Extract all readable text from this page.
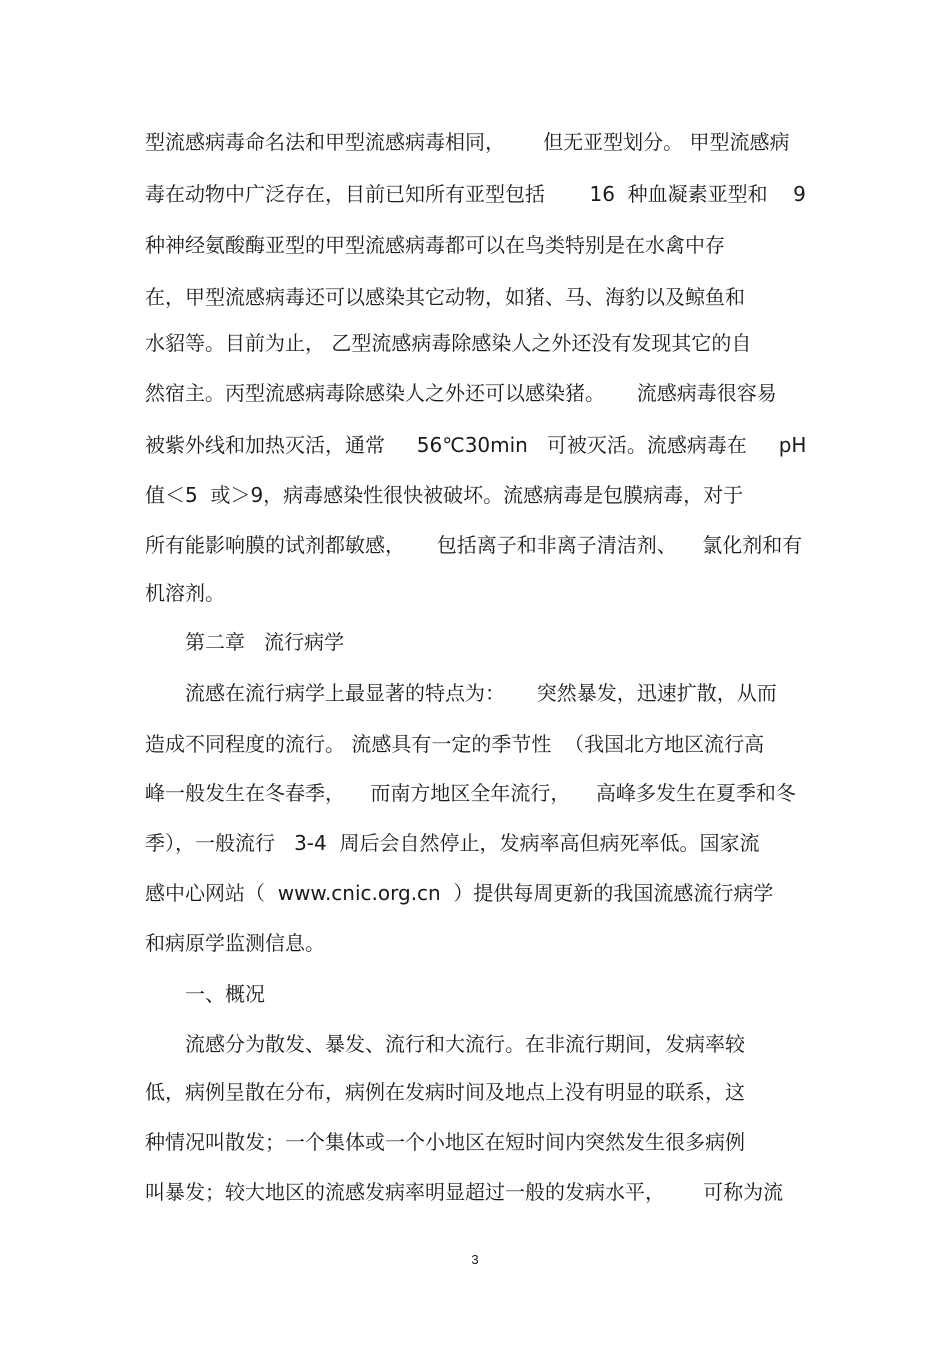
型流感病毒命名法和甲型流感病毒相同，      但无亚型划分。 甲型流感病
毒在动物中广泛存在，目前已知所有亚型包括       16  种血凝素亚型和    9
种神经氨酸酶亚型的甲型流感病毒都可以在鸟类特别是在水禽中存
在，甲型流感病毒还可以感染其它动物，如猪、马、海豹以及鲸鱼和
水貂等。目前为止， 乙型流感病毒除感染人之外还没有发现其它的自
然宿主。丙型流感病毒除感染人之外还可以感染猪。     流感病毒很容易
被紫外线和加热灭活，通常     56℃30min   可被灭活。流感病毒在     pH
值＜5  或＞9，病毒感染性很快被破坏。流感病毒是包膜病毒，对于
所有能影响膜的试剂都敏感，     包括离子和非离子清洁剂、    氯化剂和有
机溶剂。
第二章   流行病学
流感在流行病学上最显著的特点为：     突然暴发，迅速扩散，从而
造成不同程度的流行。 流感具有一定的季节性  （我国北方地区流行高
峰一般发生在冬春季，    而南方地区全年流行，    高峰多发生在夏季和冬
季），一般流行   3-4  周后会自然停止，发病率高但病死率低。国家流
感中心网站（  www.cnic.org.cn  ）提供每周更新的我国流感流行病学
和病原学监测信息。
一、概况
流感分为散发、暴发、流行和大流行。在非流行期间，发病率较
低，病例呈散在分布，病例在发病时间及地点上没有明显的联系，这
种情况叫散发；一个集体或一个小地区在短时间内突然发生很多病例
叫暴发；较大地区的流感发病率明显超过一般的发病水平，      可称为流
3
